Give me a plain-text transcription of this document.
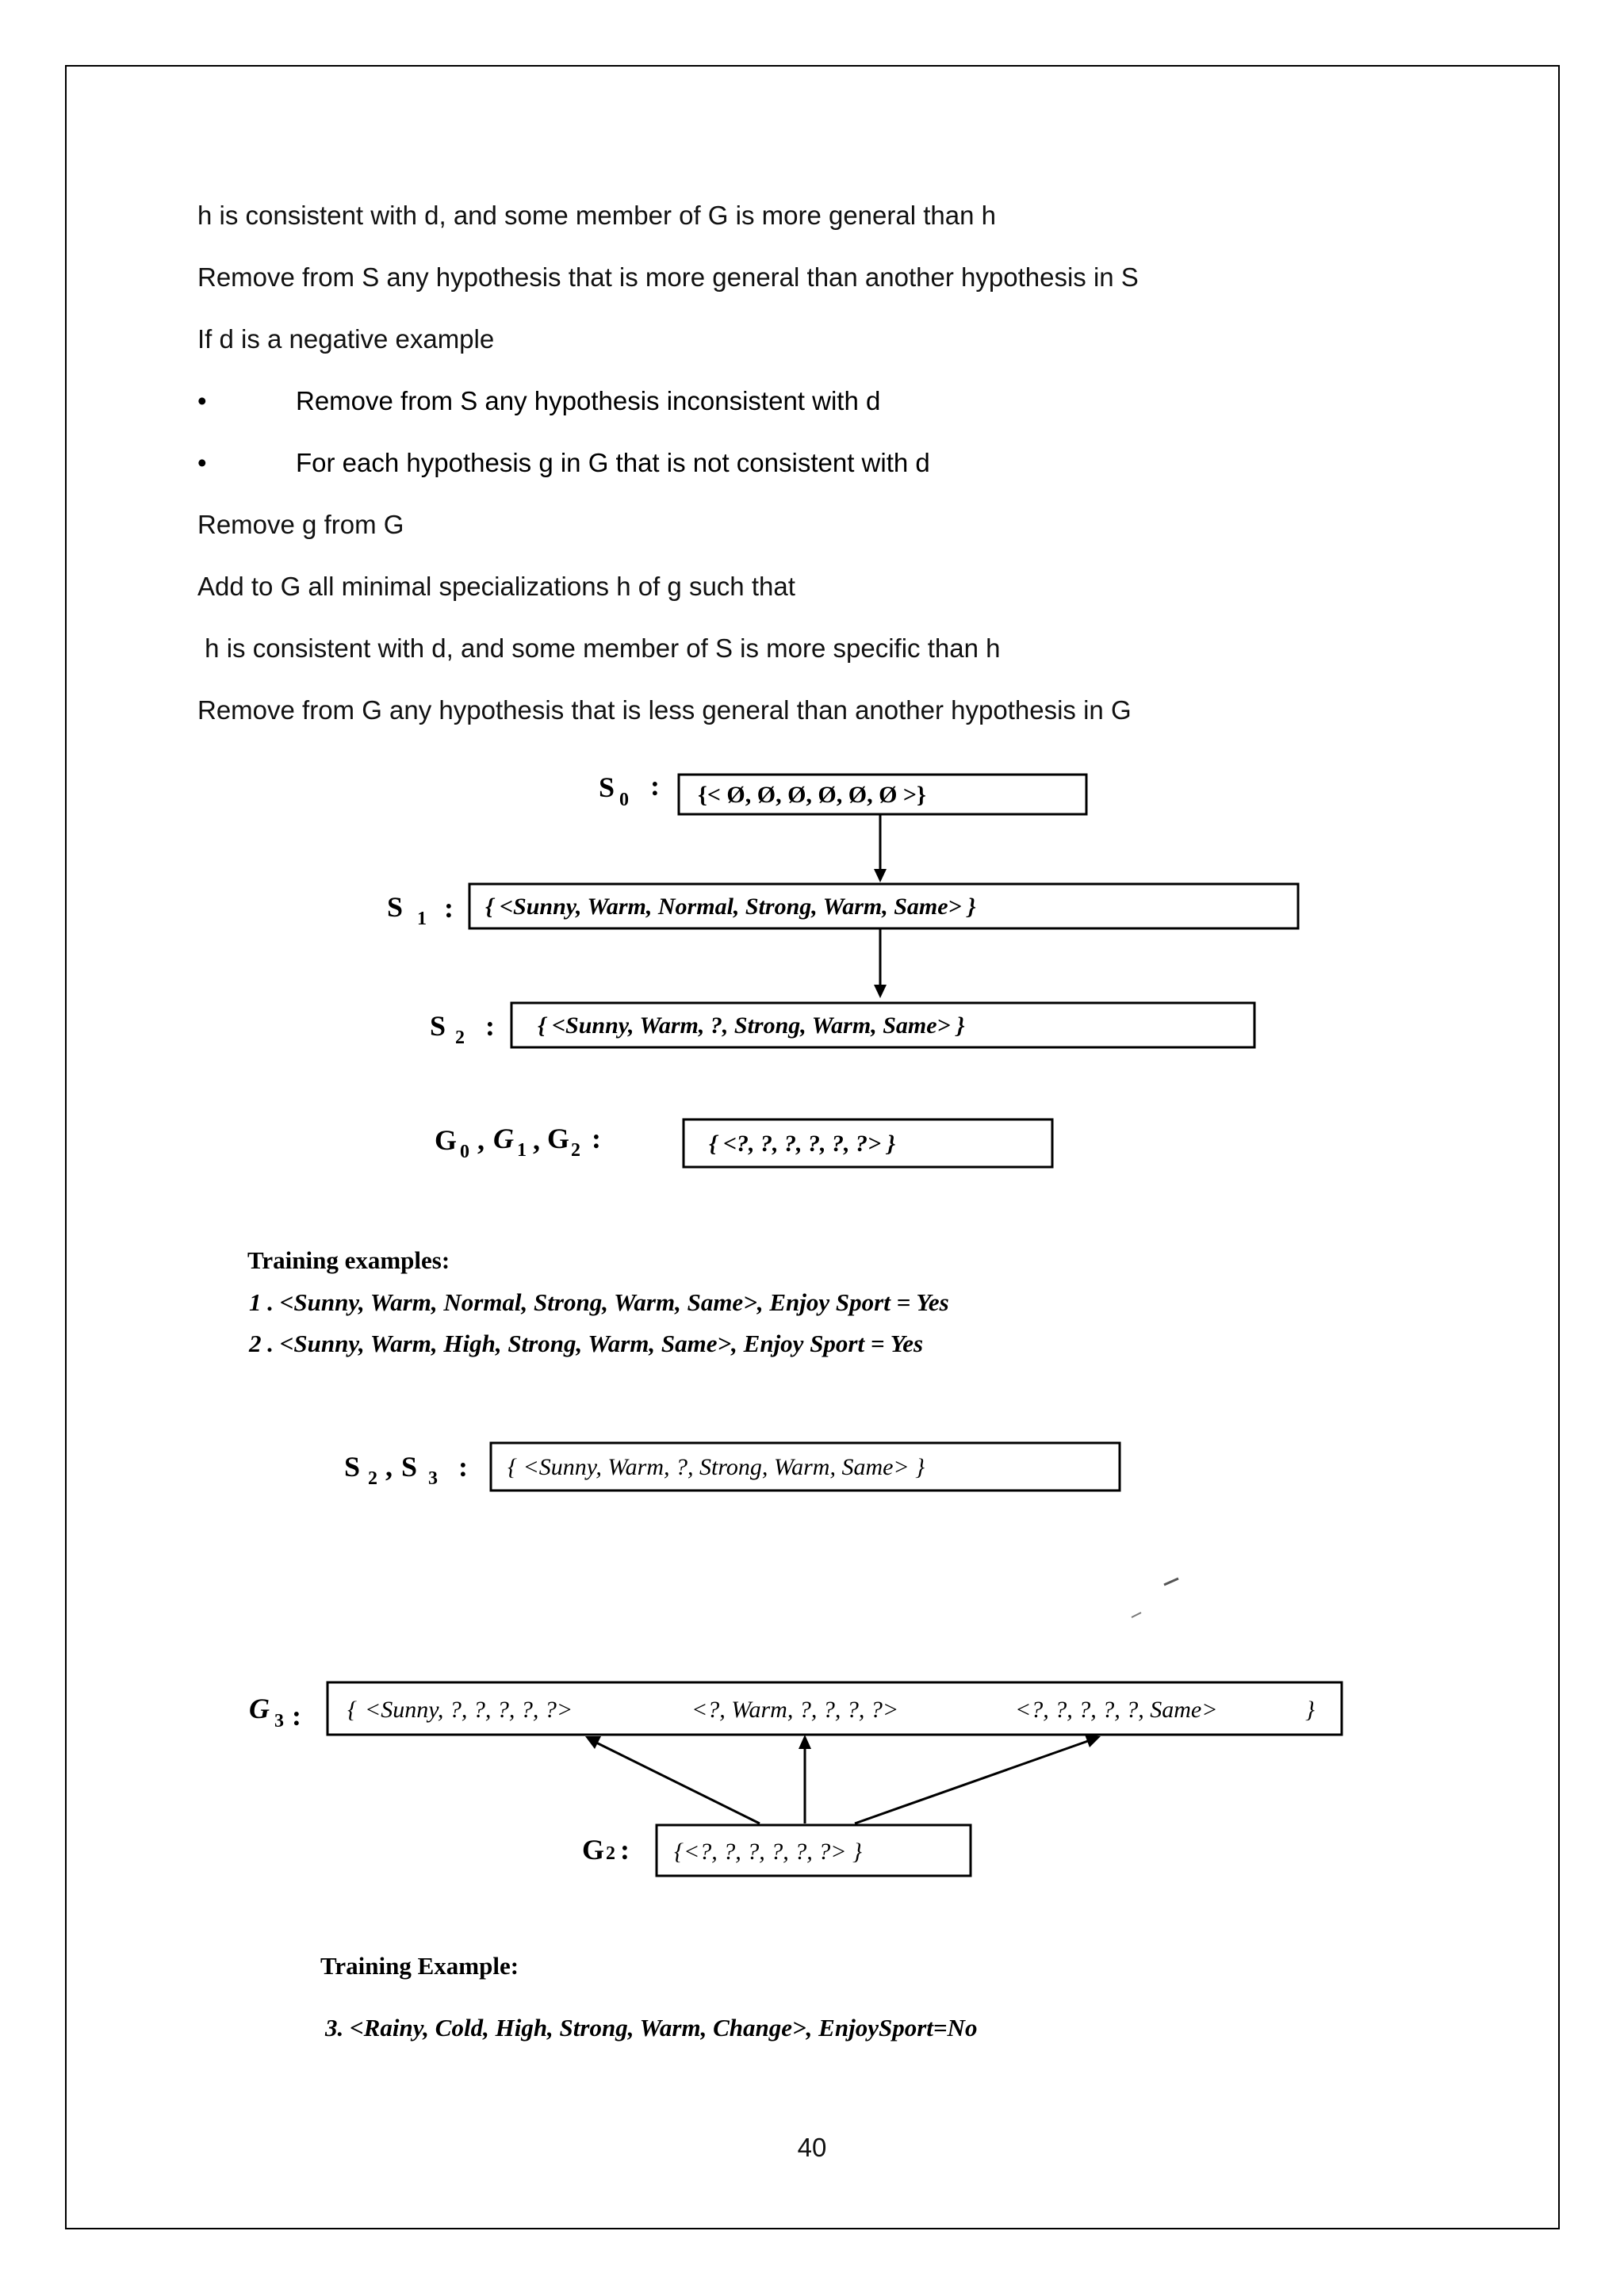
h is consistent with d, and some member of G is more general than h
Remove from S any hypothesis that is more general than another hypothesis in S
If d is a negative example
•	Remove from S any hypothesis inconsistent with d
•	For each hypothesis g in G that is not consistent with d
Remove g from G
Add to G all minimal specializations h of g such that
h is consistent with d, and some member of S is more specific than h
Remove from G any hypothesis that is less general than another hypothesis in G
S 0 : {< Ø, Ø, Ø, Ø, Ø, Ø >}
S 1 : { <Sunny, Warm, Normal, Strong, Warm, Same> }
S 2 : { <Sunny, Warm, ?, Strong, Warm, Same> }
G 0 , G 1 , G 2 :	{ <?, ?, ?, ?, ?, ?> }
Training examples:
1 . <Sunny, Warm, Normal, Strong, Warm, Same>, Enjoy Sport = Yes
2 . <Sunny, Warm, High, Strong, Warm, Same>, Enjoy Sport = Yes
S 2 , S 3 : { <Sunny, Warm, ?, Strong, Warm, Same> }
G 3 : { <Sunny, ?, ?, ?, ?, ?>	<?, Warm, ?, ?, ?, ?>	<?, ?, ?, ?, ?, Same>	}
G 2 : {<?, ?, ?, ?, ?, ?> }
Training Example:
3. <Rainy, Cold, High, Strong, Warm, Change>, EnjoySport=No
40
